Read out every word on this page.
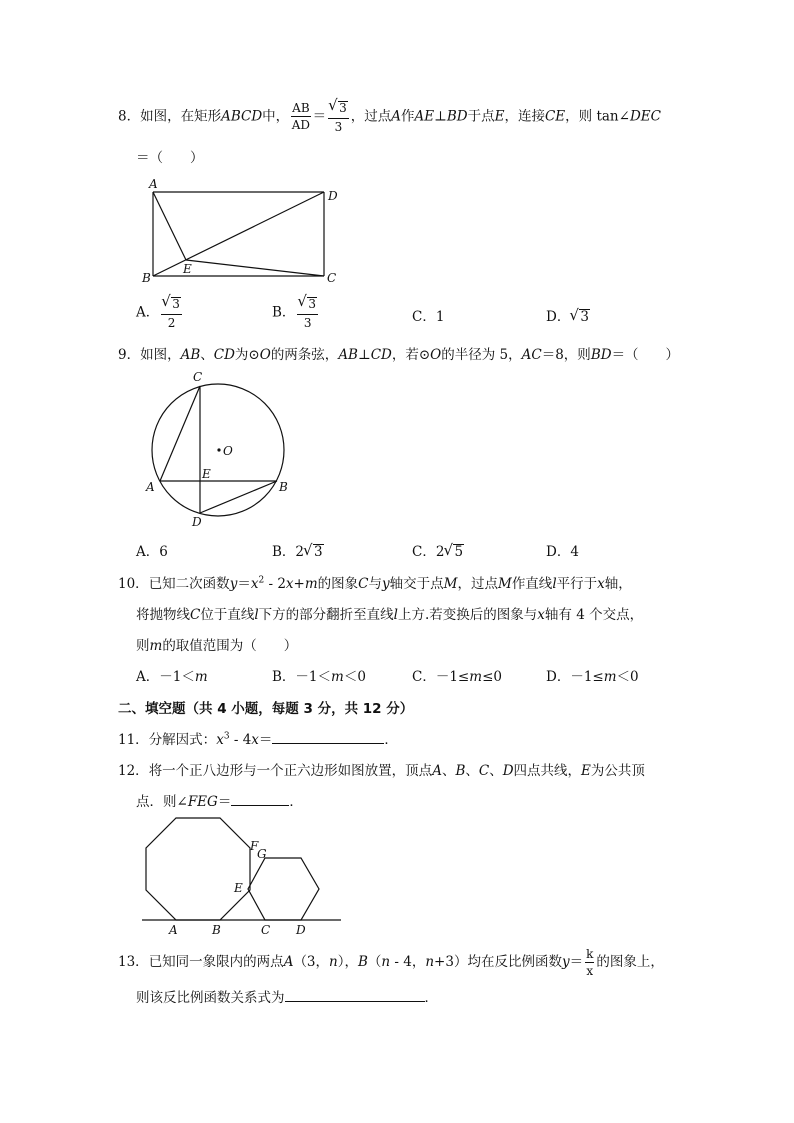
8．如图，在矩形ABCD中， $\frac{AB}{AD}$ ＝ √ $\frac{3}{3}$ ，过点A作AE⊥BD于点E，连接CE，则 tan∠DEC
＝（　　）
A
D
B	C
E
A． √ $\frac{3}{2}$	B． √ $\frac{3}{3}$	C．1	D． √ 3
9．如图，AB、CD为⊙O的两条弦，AB⊥CD，若⊙O的半径为 5，AC＝8，则BD＝（　　）
C
O
E
A	B
D
A．6	B．2 √ 3	C．2 √ 5	D．4
10．已知二次函数$y=x^2 - 2x+m$的图象C与y轴交于点M，过点M作直线l平行于x轴，
将抛物线C位于直线l下方的部分翻折至直线l上方.若变换后的图象与x轴有 4 个交点，
则m的取值范围为（　　）
A．－1＜m	B．－1＜m＜0	C．－1≤m≤0	D．－1≤m＜0
二、填空题（共 4 小题，每题 3 分，共 12 分）
11．分解因式：$x^3 - 4x=$	．
12．将一个正八边形与一个正六边形如图放置，顶点A、B、C、D四点共线，E为公共顶
点．则∠FEG＝	．
F
G
E
A	B	C D
13．已知同一象限内的两点A（3，n），B（n - 4，n+3）均在反比例函数$y= \frac{k}{x}$ 的图象上，
则该反比例函数关系式为	．
